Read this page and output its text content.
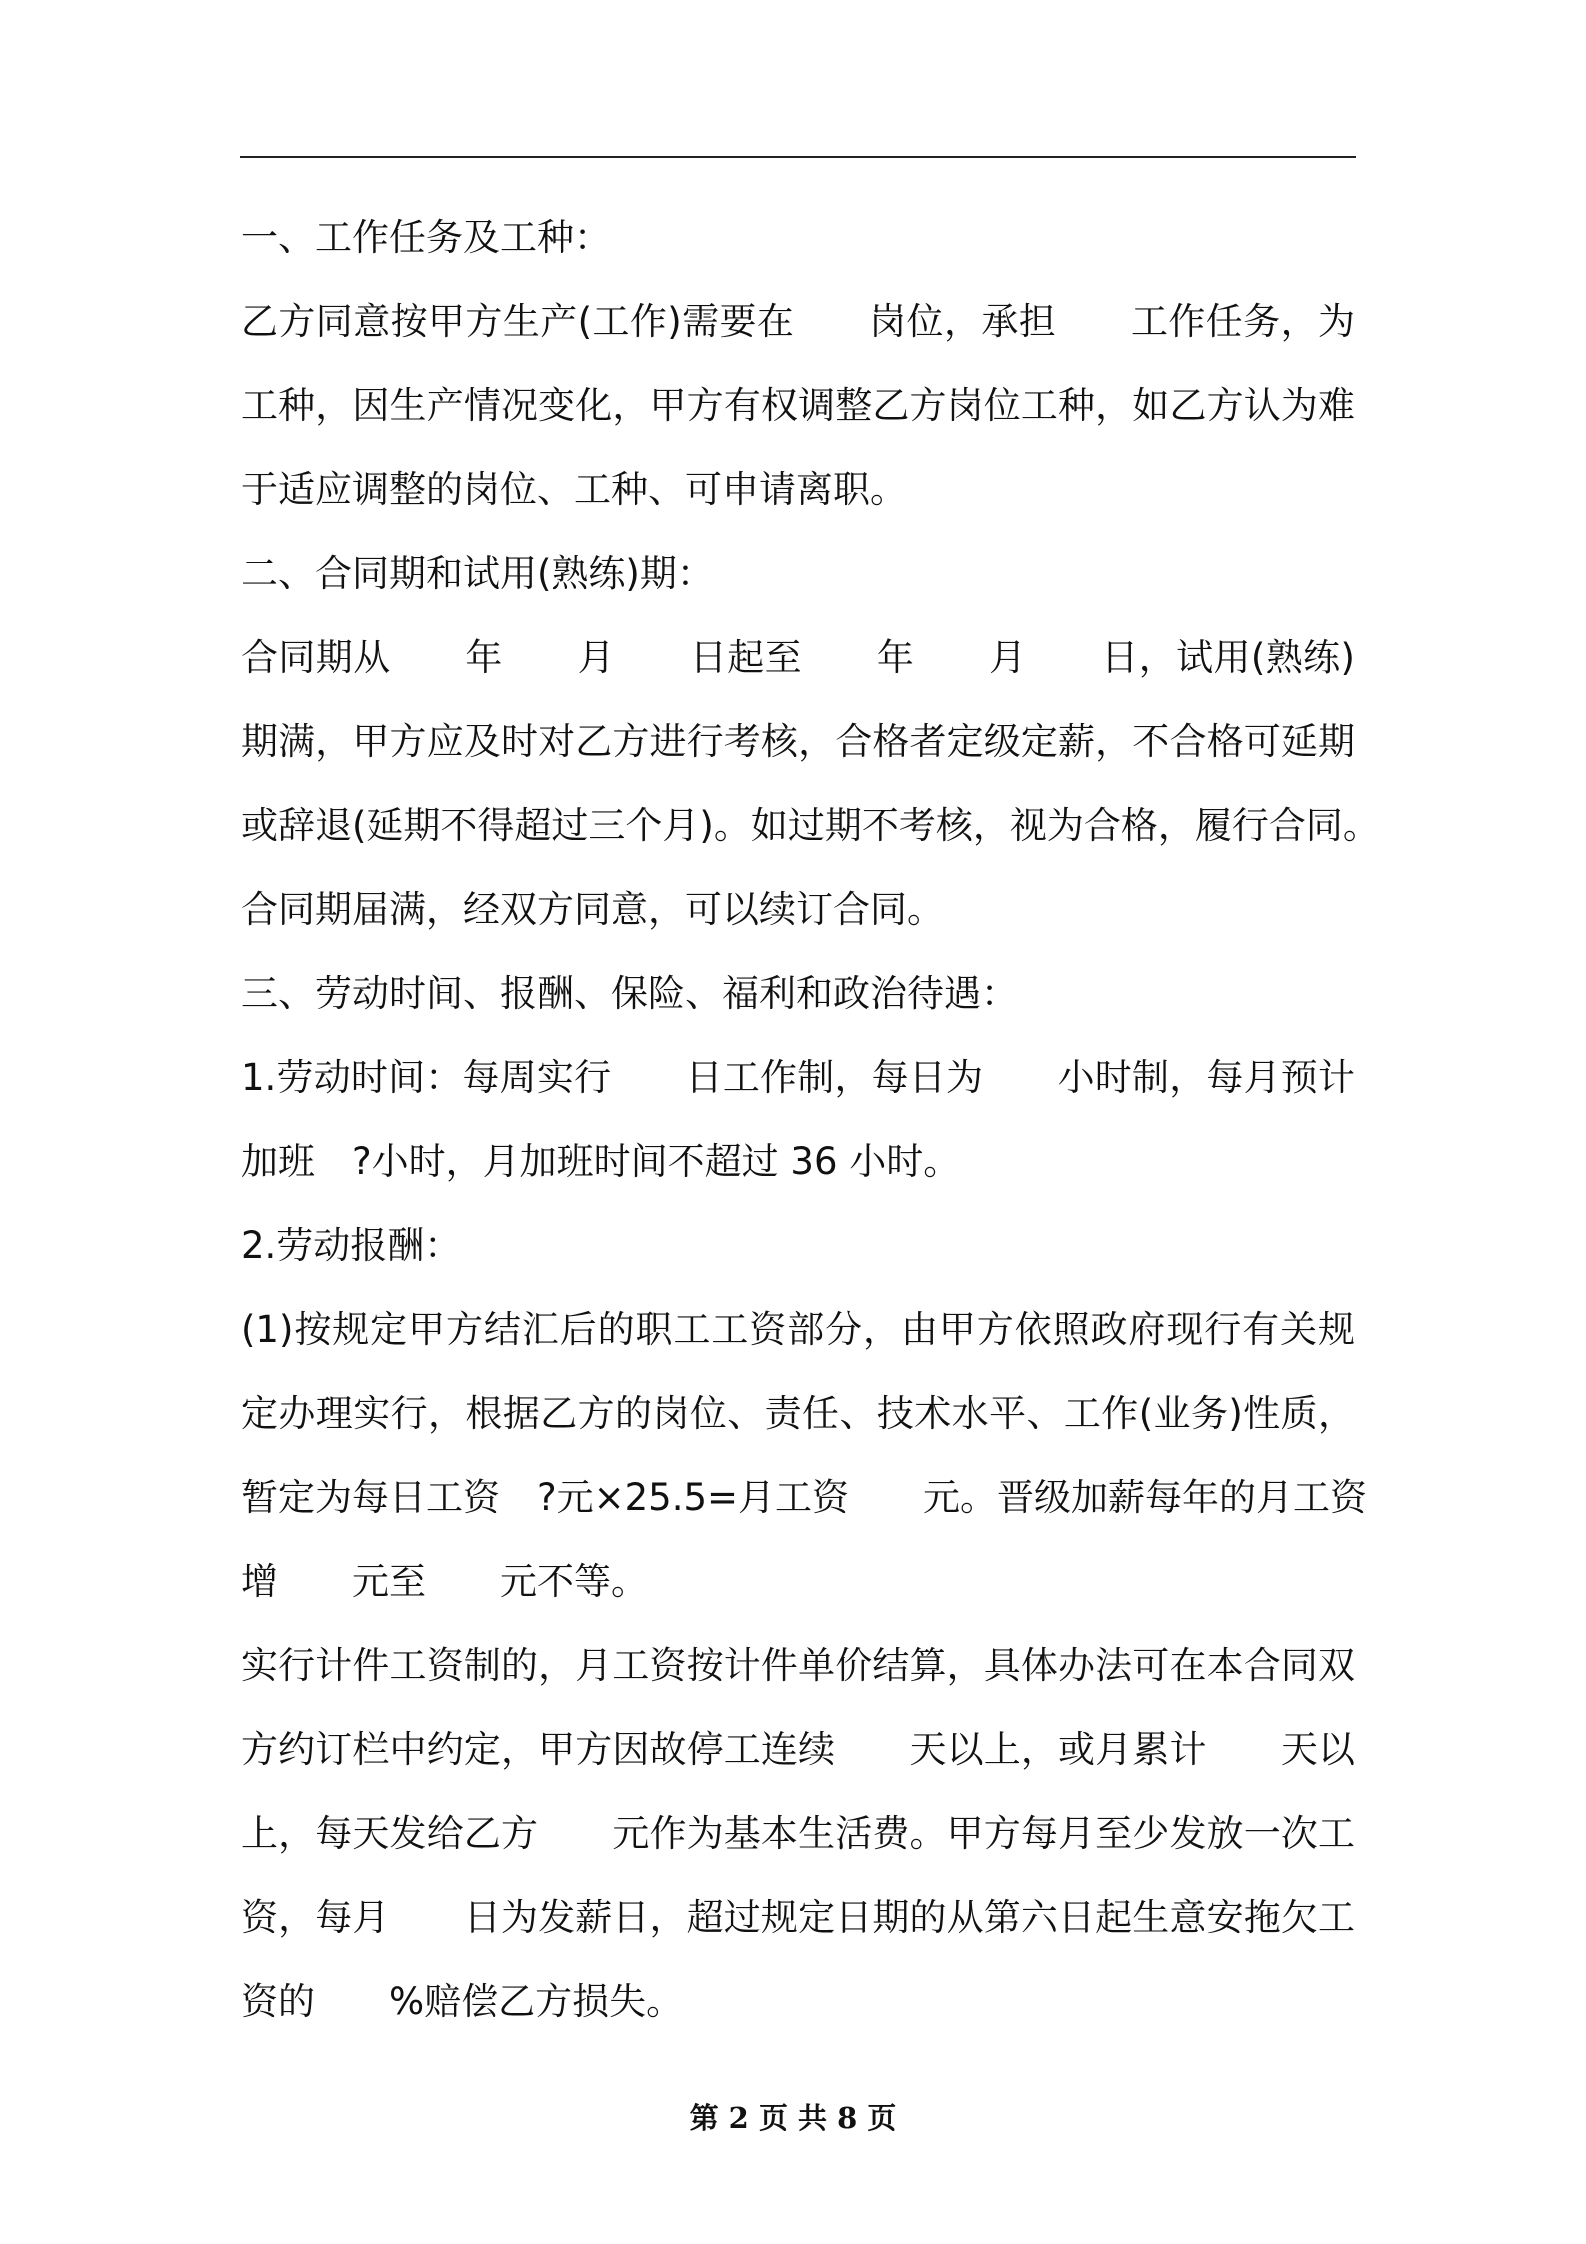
一、工作任务及工种：
乙方同意按甲方生产(工作)需要在　　岗位，承担　　工作任务，为
工种，因生产情况变化，甲方有权调整乙方岗位工种，如乙方认为难
于适应调整的岗位、工种、可申请离职。
二、合同期和试用(熟练)期：
合同期从　　年　　月　　日起至　　年　　月　　日，试用(熟练)
期满，甲方应及时对乙方进行考核，合格者定级定薪，不合格可延期
或辞退(延期不得超过三个月)。如过期不考核，视为合格，履行合同。
合同期届满，经双方同意，可以续订合同。
三、劳动时间、报酬、保险、福利和政治待遇：
1.劳动时间：每周实行　　日工作制，每日为　　小时制，每月预计
加班　?小时，月加班时间不超过 36 小时。
2.劳动报酬：
(1)按规定甲方结汇后的职工工资部分，由甲方依照政府现行有关规
定办理实行，根据乙方的岗位、责任、技术水平、工作(业务)性质，
暂定为每日工资　?元×25.5=月工资　　元。晋级加薪每年的月工资
增　　元至　　元不等。
实行计件工资制的，月工资按计件单价结算，具体办法可在本合同双
方约订栏中约定，甲方因故停工连续　　天以上，或月累计　　天以
上，每天发给乙方　　元作为基本生活费。甲方每月至少发放一次工
资，每月　　日为发薪日，超过规定日期的从第六日起生意安拖欠工
资的　　%赔偿乙方损失。
第 2 页 共 8 页
